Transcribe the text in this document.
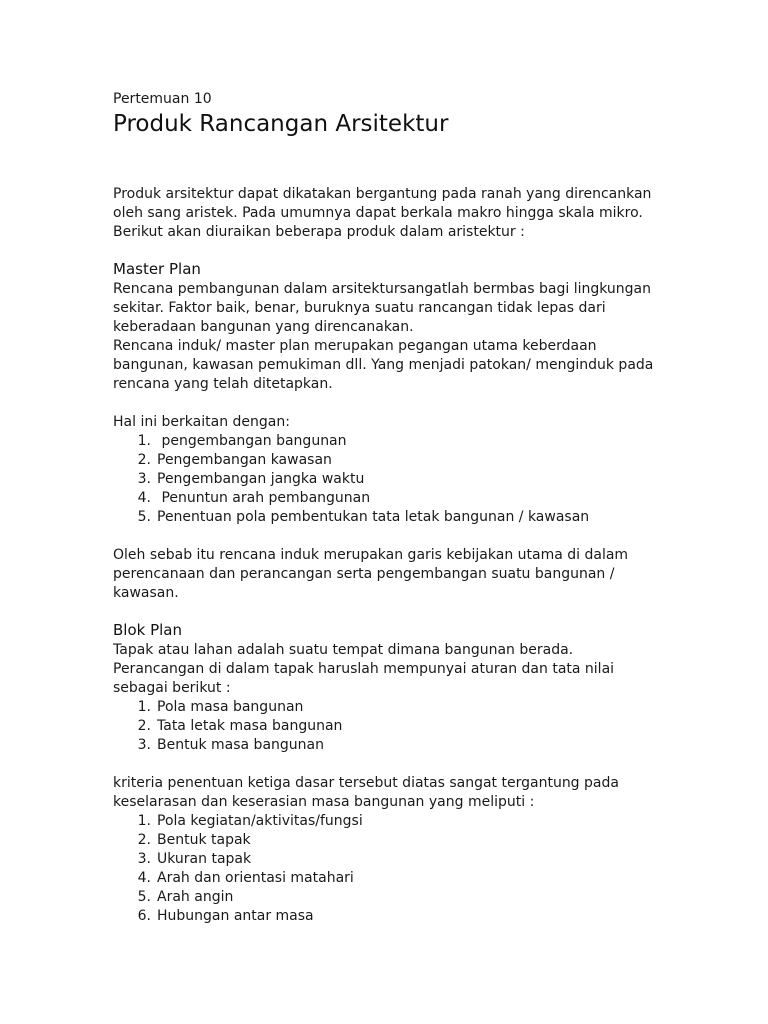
Pertemuan 10

Produk Rancangan Arsitektur

Produk arsitektur dapat dikatakan bergantung pada ranah yang direncankan

oleh sang aristek. Pada umumnya dapat berkala makro hingga skala mikro.

Berikut akan diuraikan beberapa produk dalam aristektur :

Master Plan

Rencana pembangunan dalam arsitektursangatlah bermbas bagi lingkungan

sekitar. Faktor baik, benar, buruknya suatu rancangan tidak lepas dari

keberadaan bangunan yang direncanakan.

Rencana induk/ master plan merupakan pegangan utama keberdaan

bangunan, kawasan pemukiman dll. Yang menjadi patokan/ menginduk pada

rencana yang telah ditetapkan.

Hal ini berkaitan dengan:

1. pengembangan bangunan
2. Pengembangan kawasan
3. Pengembangan jangka waktu
4. Penuntun arah pembangunan
5. Penentuan pola pembentukan tata letak bangunan / kawasan

Oleh sebab itu rencana induk merupakan garis kebijakan utama di dalam

perencanaan dan perancangan serta pengembangan suatu bangunan /

kawasan.

Blok Plan

Tapak atau lahan adalah suatu tempat dimana bangunan berada.

Perancangan di dalam tapak haruslah mempunyai aturan dan tata nilai

sebagai berikut :

1. Pola masa bangunan
2. Tata letak masa bangunan
3. Bentuk masa bangunan

kriteria penentuan ketiga dasar tersebut diatas sangat tergantung pada

keselarasan dan keserasian masa bangunan yang meliputi :

1. Pola kegiatan/aktivitas/fungsi
2. Bentuk tapak
3. Ukuran tapak
4. Arah dan orientasi matahari
5. Arah angin
6. Hubungan antar masa
